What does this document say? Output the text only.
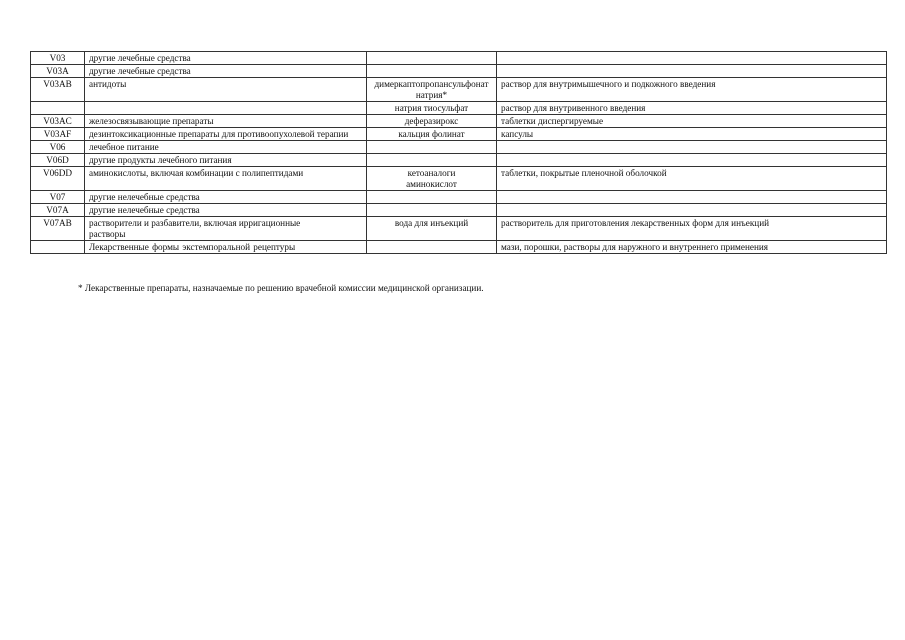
V03	другие лечебные средства		
V03A	другие лечебные средства		
V03AB	антидоты	димеркаптопропансульфонат натрия*	раствор для внутримышечного и подкожного введения
		натрия тиосульфат	раствор для внутривенного введения
V03AC	железосвязывающие препараты	деферазирокс	таблетки диспергируемые
V03AF	дезинтоксикационные препараты для противоопухолевой терапии	кальция фолинат	капсулы
V06	лечебное питание		
V06D	другие продукты лечебного питания		
V06DD	аминокислоты, включая комбинации с полипептидами	кетоаналоги аминокислот	таблетки, покрытые пленочной оболочкой
V07	другие нелечебные средства		
V07A	другие нелечебные средства		
V07AB	растворители и разбавители, включая ирригационные растворы	вода для инъекций	растворитель для приготовления лекарственных форм для инъекций
	Лекарственные формы экстемпоральной рецептуры		мази, порошки, растворы для наружного и внутреннего применения
* Лекарственные препараты, назначаемые по решению врачебной комиссии медицинской организации.
